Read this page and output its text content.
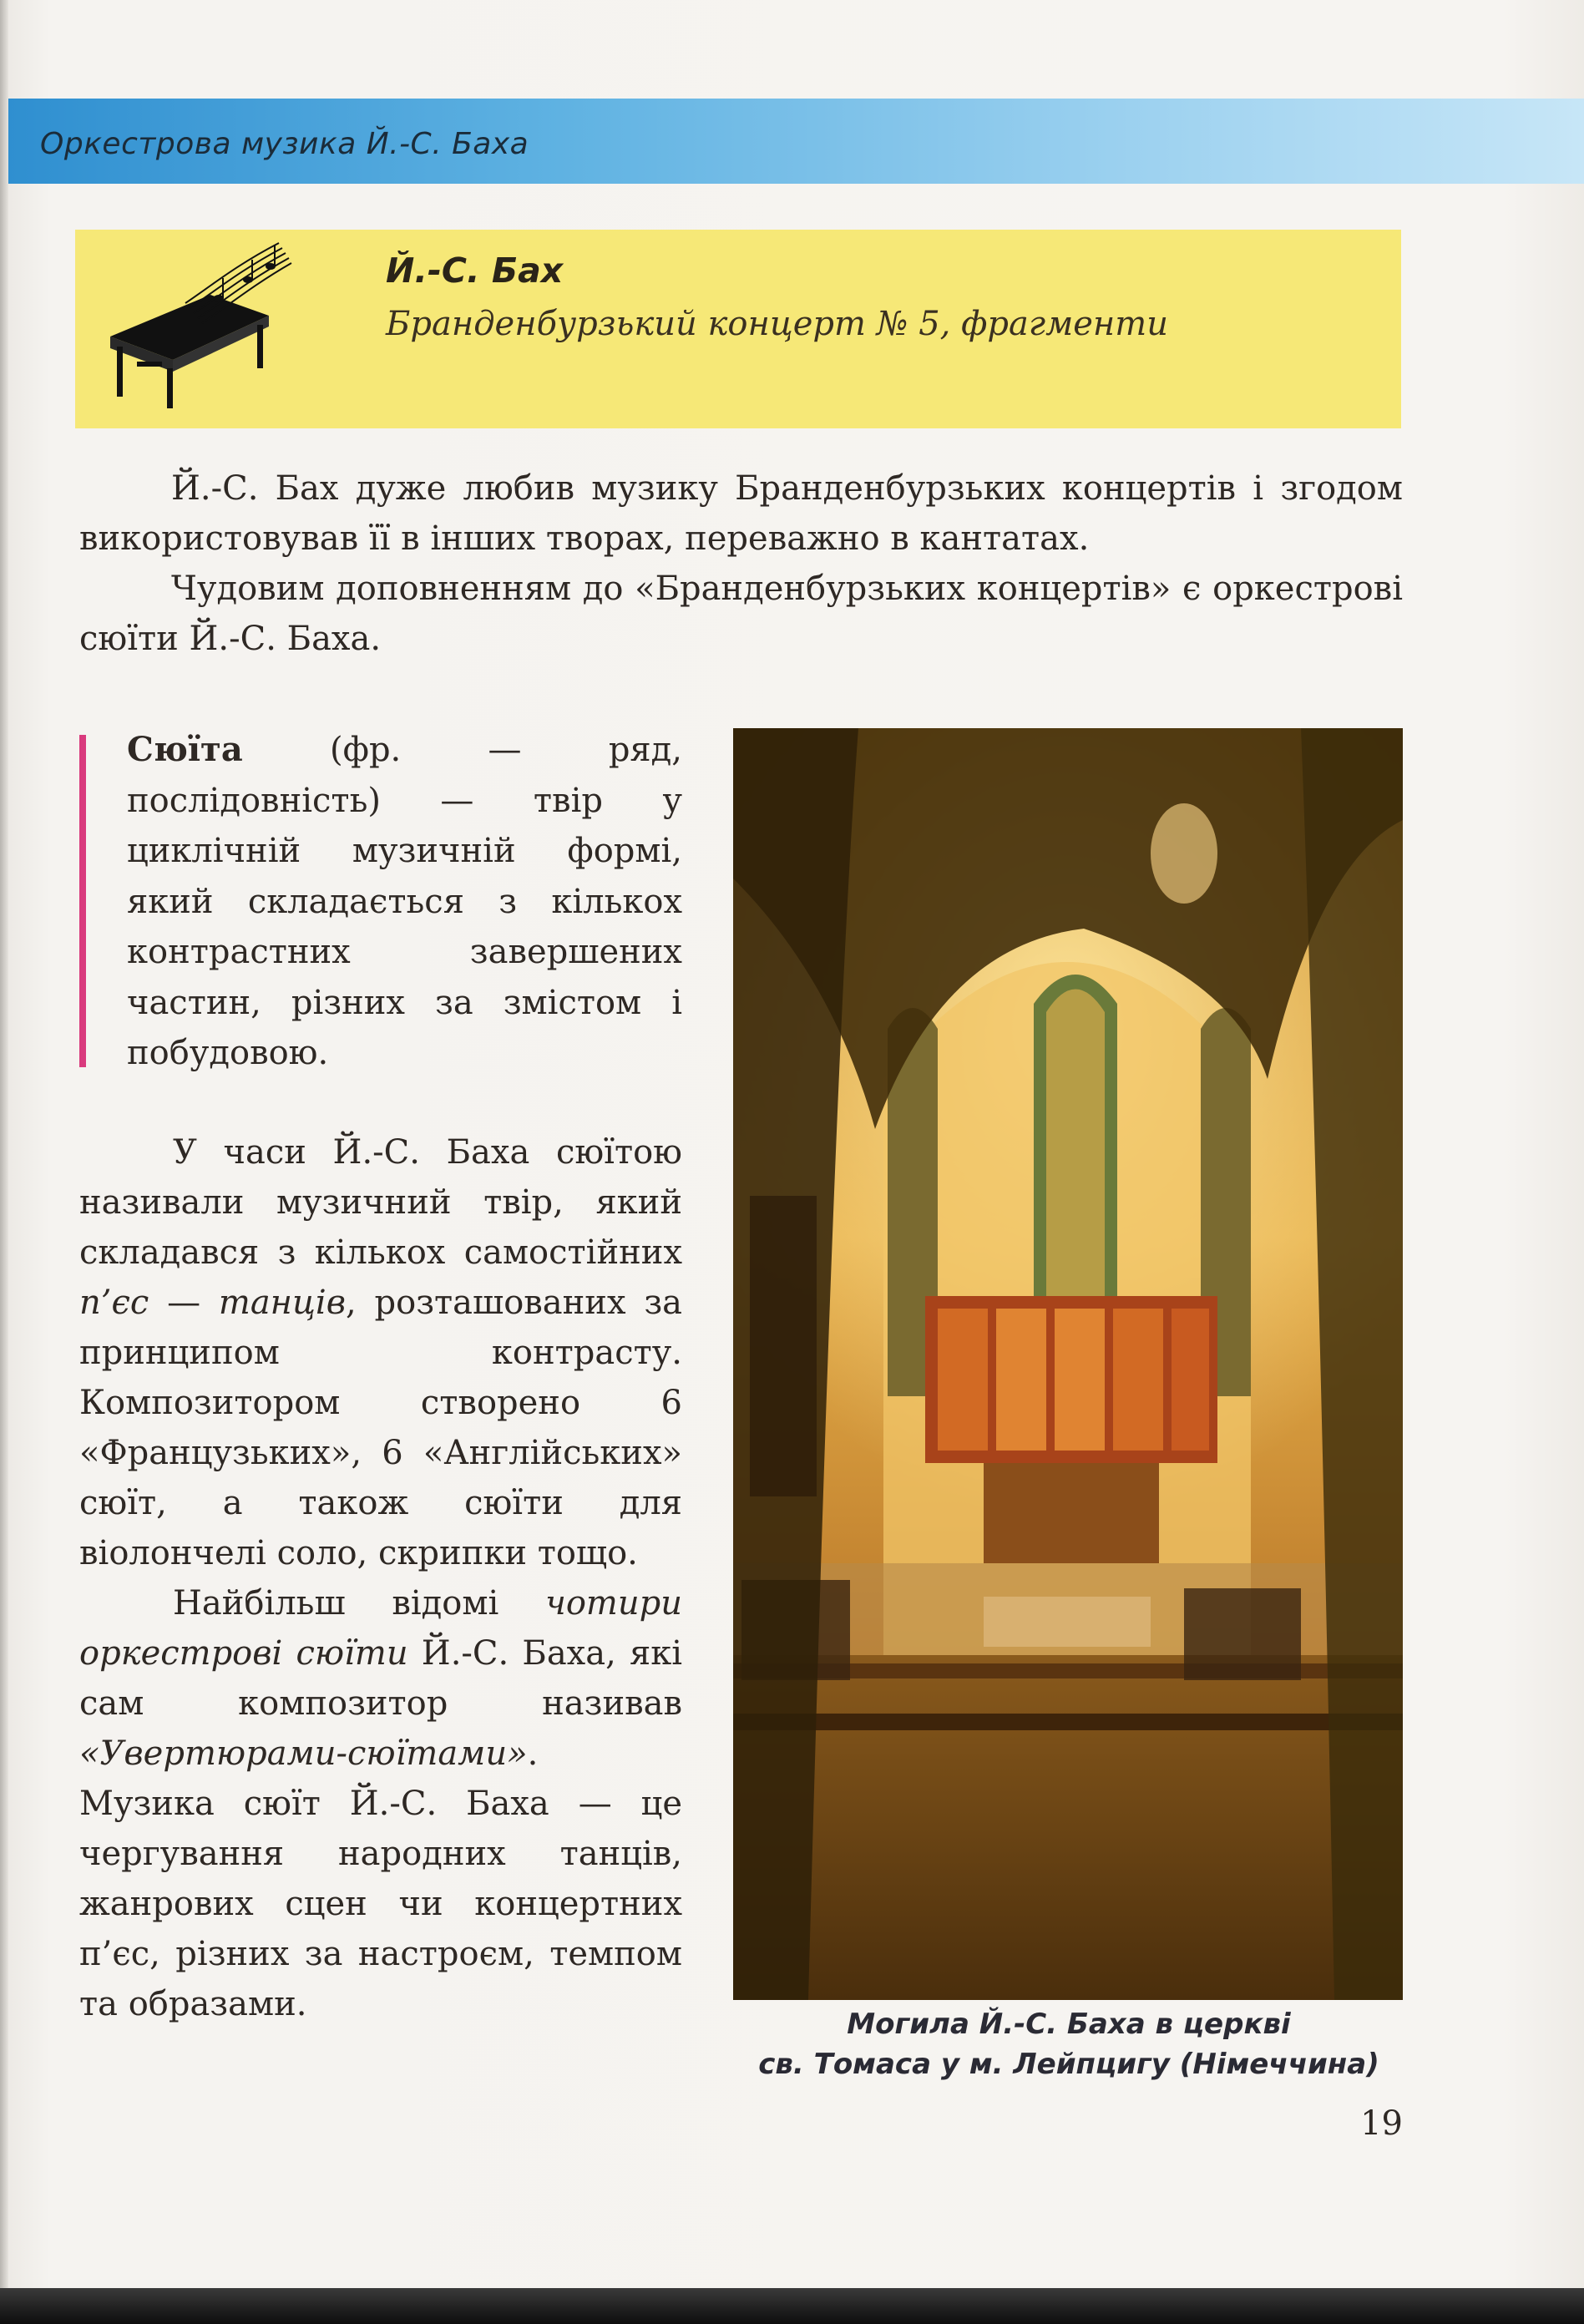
Оркестрова музика Й.-С. Баха
Й.-С. Бах
Бранденбурзький концерт № 5, фрагменти

Й.-С. Бах дуже любив музику Бранденбурзьких концертів і згодом використовував її в інших творах, переважно в кантатах.

Чудовим доповненням до «Бранденбурзьких концертів» є оркестрові сюїти Й.-С. Баха.

Сюїта (фр. — ряд, послідовність) — твір у циклічній музичній формі, який складається з кількох контрастних завершених частин, різних за змістом і побудовою.

У часи Й.-С. Баха сюїтою називали музичний твір, який складався з кількох самостійних п’єс — танців, розташованих за принципом контрасту. Композитором створено 6 «Французьких», 6 «Англійських» сюїт, а також сюїти для віолончелі соло, скрипки тощо.

Найбільш відомі чотири оркестрові сюїти Й.-С. Баха, які сам композитор називав «Увертюрами-сюїтами». Музика сюїт Й.-С. Баха — це чергування народних танців, жанрових сцен чи концертних п’єс, різних за настроєм, темпом та образами.

Могила Й.-С. Баха в церкві
св. Томаса у м. Лейпцигу (Німеччина)
19
